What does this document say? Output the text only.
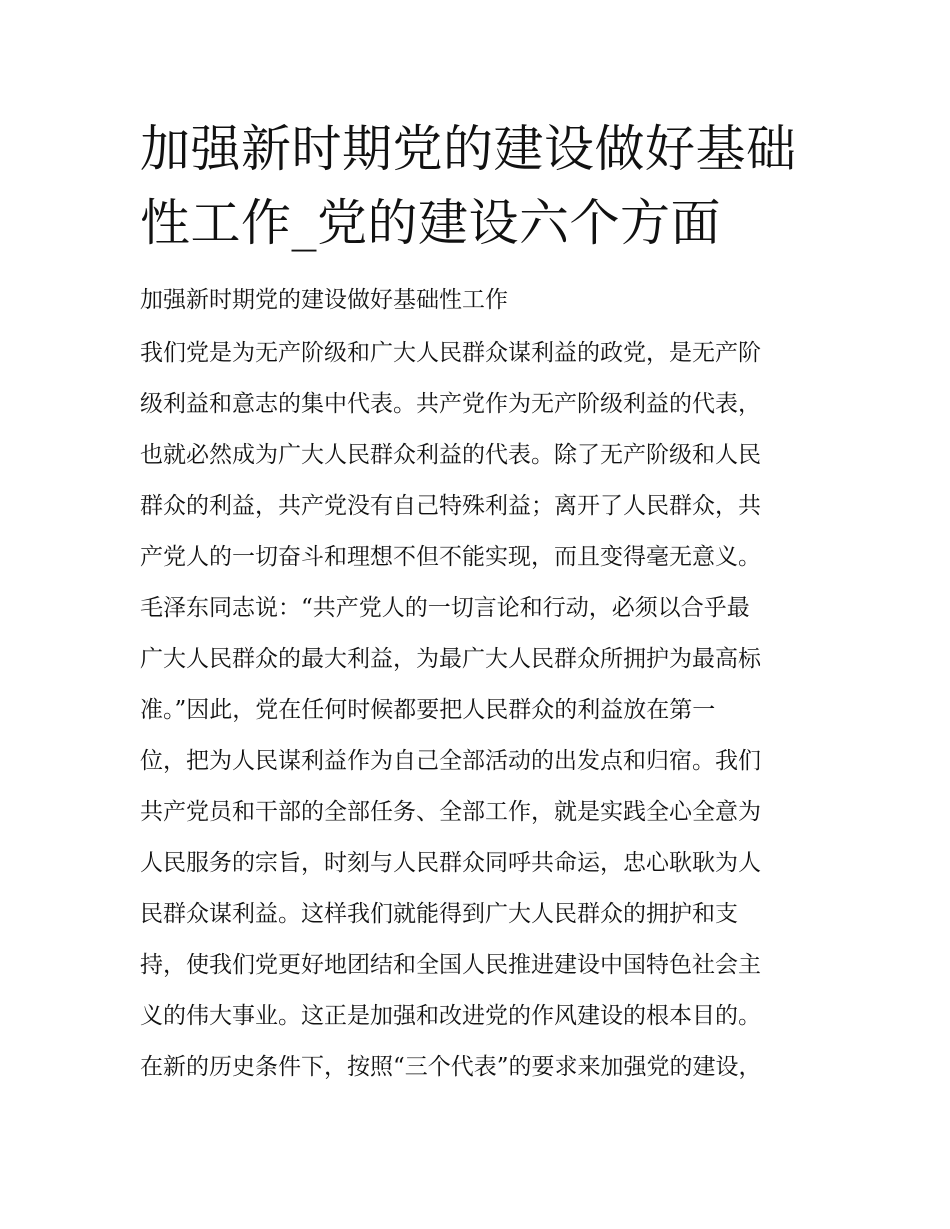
加强新时期党的建设做好基础
性工作_党的建设六个方面

加强新时期党的建设做好基础性工作

我们党是为无产阶级和广大人民群众谋利益的政党，是无产阶
级利益和意志的集中代表。共产党作为无产阶级利益的代表，
也就必然成为广大人民群众利益的代表。除了无产阶级和人民
群众的利益，共产党没有自己特殊利益；离开了人民群众，共
产党人的一切奋斗和理想不但不能实现，而且变得毫无意义。
毛泽东同志说：“共产党人的一切言论和行动，必须以合乎最
广大人民群众的最大利益，为最广大人民群众所拥护为最高标
准。”因此，党在任何时候都要把人民群众的利益放在第一
位，把为人民谋利益作为自己全部活动的出发点和归宿。我们
共产党员和干部的全部任务、全部工作，就是实践全心全意为
人民服务的宗旨，时刻与人民群众同呼共命运，忠心耿耿为人
民群众谋利益。这样我们就能得到广大人民群众的拥护和支
持，使我们党更好地团结和全国人民推进建设中国特色社会主
义的伟大事业。这正是加强和改进党的作风建设的根本目的。
在新的历史条件下，按照“三个代表”的要求来加强党的建设，
